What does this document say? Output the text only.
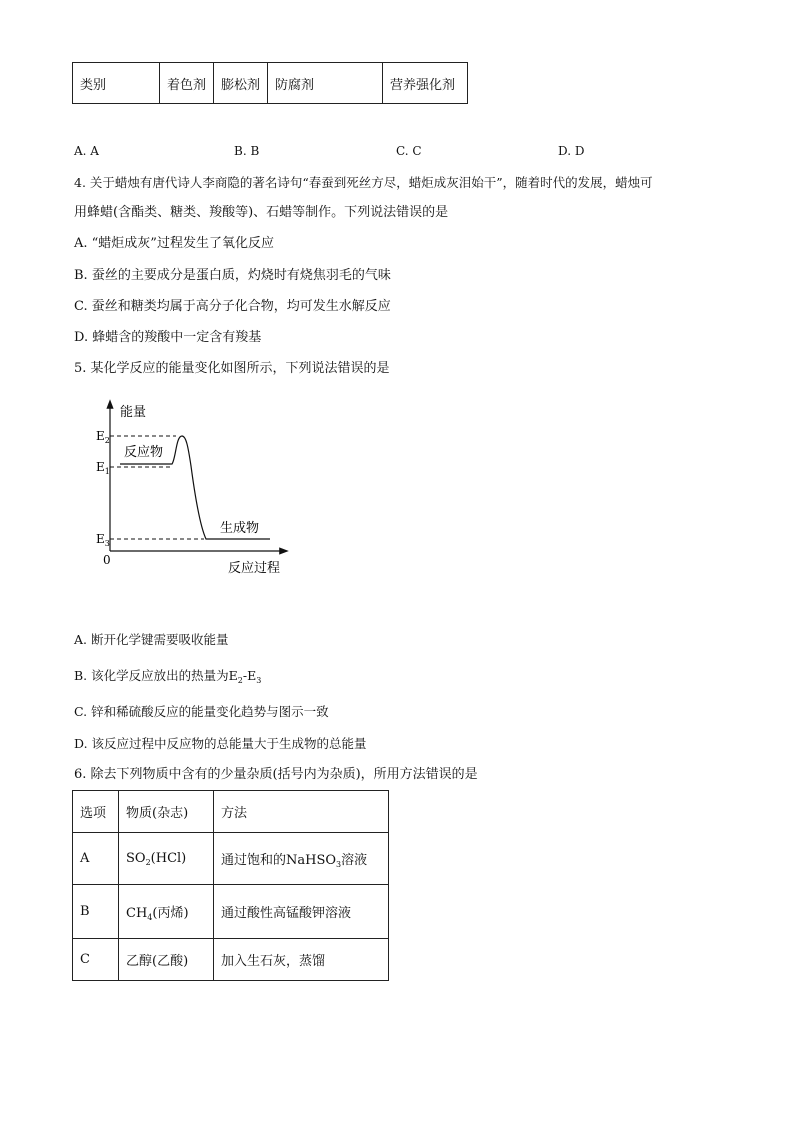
类别	着色剂	膨松剂	防腐剂	营养强化剂
A. A	B. B	C. C	D. D
4. 关于蜡烛有唐代诗人李商隐的著名诗句“春蚕到死丝方尽，蜡炬成灰泪始干”，随着时代的发展，蜡烛可
用蜂蜡(含酯类、糖类、羧酸等)、石蜡等制作。下列说法错误的是
A. “蜡炬成灰”过程发生了氧化反应
B. 蚕丝的主要成分是蛋白质，灼烧时有烧焦羽毛的气味
C. 蚕丝和糖类均属于高分子化合物，均可发生水解反应
D. 蜂蜡含的羧酸中一定含有羧基
5. 某化学反应的能量变化如图所示，下列说法错误的是
能量
反应过程
0
$E_2$
$E_1$
$E_3$
反应物
生成物
A. 断开化学键需要吸收能量
B. 该化学反应放出的热量为$E_2-E_3$
C. 锌和稀硫酸反应的能量变化趋势与图示一致
D. 该反应过程中反应物的总能量大于生成物的总能量
6. 除去下列物质中含有的少量杂质(括号内为杂质)，所用方法错误的是
选项	物质(杂志)	方法
A	$SO_2(HCl)$	通过饱和的NaHSO$_3$溶液
B	$CH_4$(丙烯)	通过酸性高锰酸钾溶液
C	乙醇(乙酸)	加入生石灰，蒸馏
